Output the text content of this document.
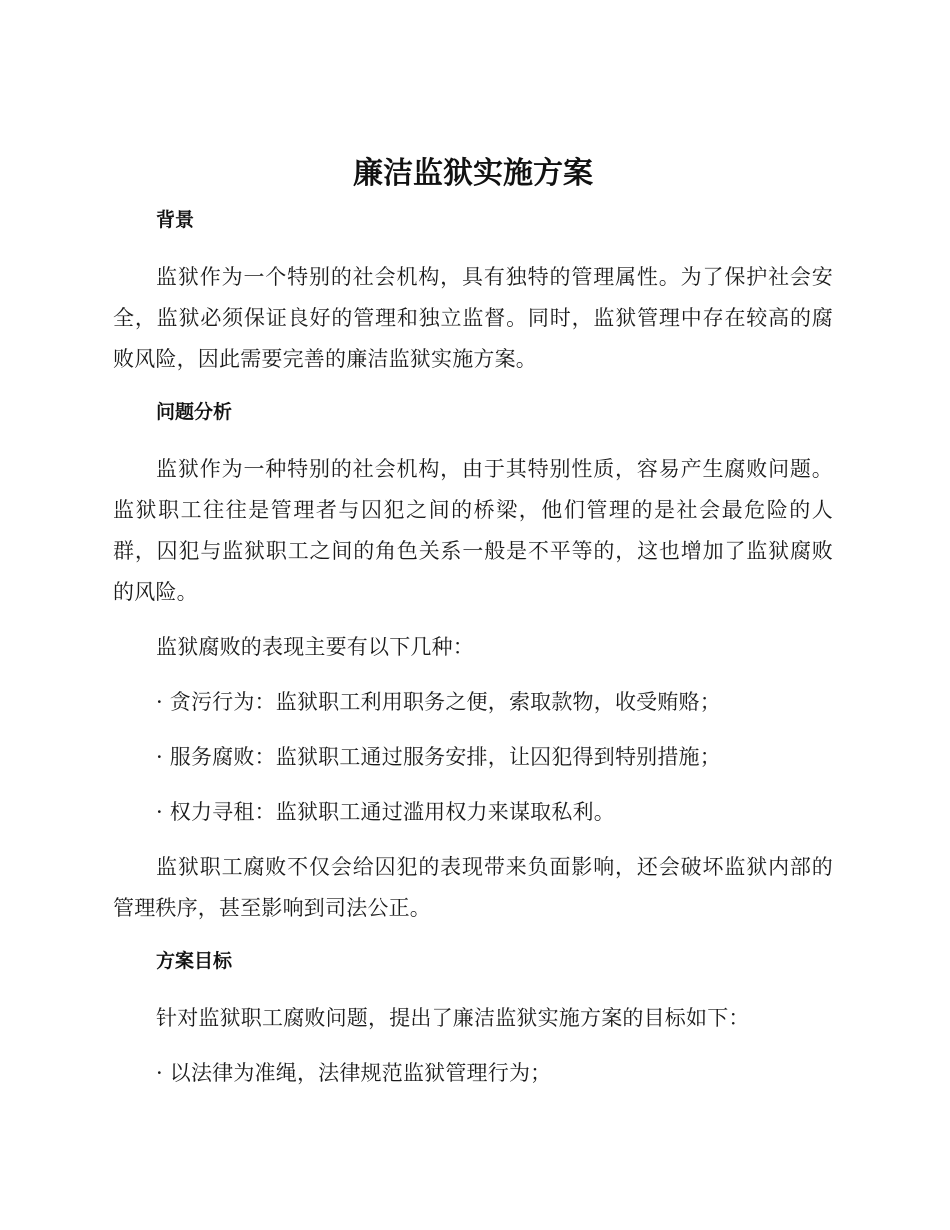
廉洁监狱实施方案
背景

监狱作为一个特别的社会机构，具有独特的管理属性。为了保护社会安全，监狱必须保证良好的管理和独立监督。同时，监狱管理中存在较高的腐败风险，因此需要完善的廉洁监狱实施方案。

问题分析

监狱作为一种特别的社会机构，由于其特别性质，容易产生腐败问题。监狱职工往往是管理者与囚犯之间的桥梁，他们管理的是社会最危险的人群，囚犯与监狱职工之间的角色关系一般是不平等的，这也增加了监狱腐败的风险。

监狱腐败的表现主要有以下几种：

· 贪污行为：监狱职工利用职务之便，索取款物，收受贿赂；
· 服务腐败：监狱职工通过服务安排，让囚犯得到特别措施；
· 权力寻租：监狱职工通过滥用权力来谋取私利。

监狱职工腐败不仅会给囚犯的表现带来负面影响，还会破坏监狱内部的管理秩序，甚至影响到司法公正。

方案目标

针对监狱职工腐败问题，提出了廉洁监狱实施方案的目标如下：

· 以法律为准绳，法律规范监狱管理行为；
